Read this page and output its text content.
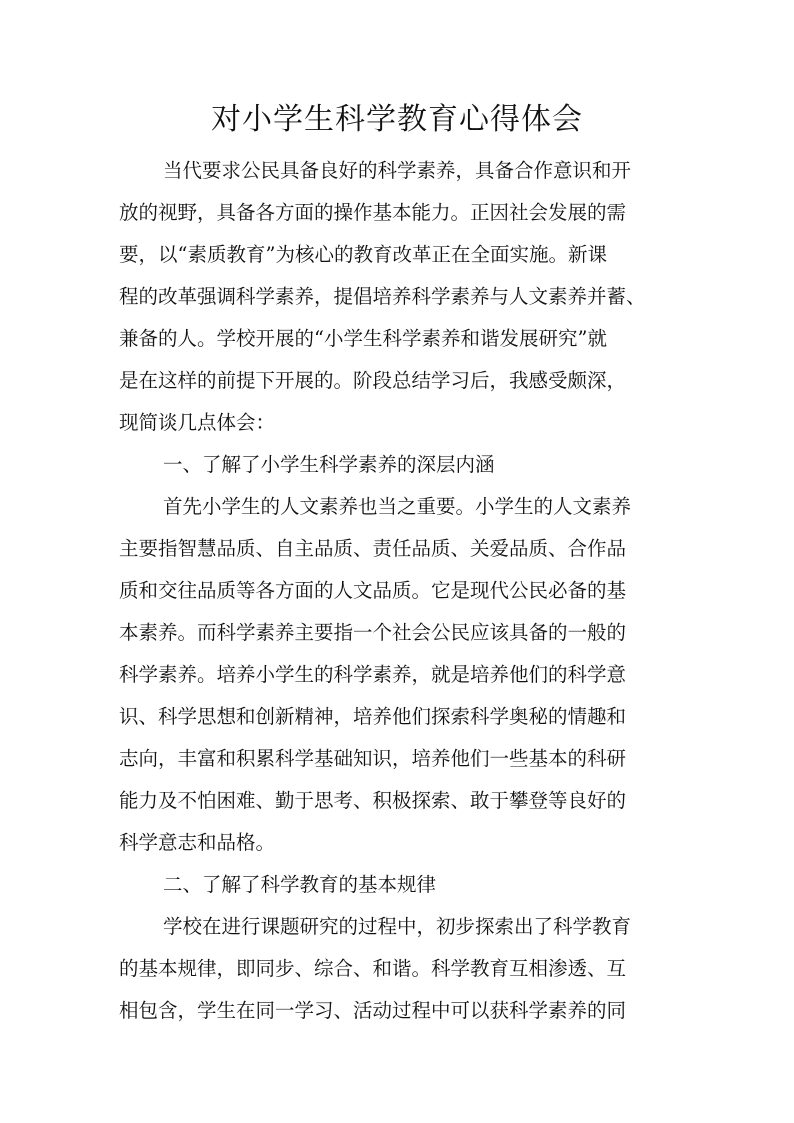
对小学生科学教育心得体会

当代要求公民具备良好的科学素养，具备合作意识和开

放的视野，具备各方面的操作基本能力。正因社会发展的需

要，以“素质教育”为核心的教育改革正在全面实施。新课

程的改革强调科学素养，提倡培养科学素养与人文素养并蓄、

兼备的人。学校开展的“小学生科学素养和谐发展研究”就

是在这样的前提下开展的。阶段总结学习后，我感受颇深，

现简谈几点体会：

一、了解了小学生科学素养的深层内涵

首先小学生的人文素养也当之重要。小学生的人文素养

主要指智慧品质、自主品质、责任品质、关爱品质、合作品

质和交往品质等各方面的人文品质。它是现代公民必备的基

本素养。而科学素养主要指一个社会公民应该具备的一般的

科学素养。培养小学生的科学素养，就是培养他们的科学意

识、科学思想和创新精神，培养他们探索科学奥秘的情趣和

志向，丰富和积累科学基础知识，培养他们一些基本的科研

能力及不怕困难、勤于思考、积极探索、敢于攀登等良好的

科学意志和品格。

二、了解了科学教育的基本规律

学校在进行课题研究的过程中，初步探索出了科学教育

的基本规律，即同步、综合、和谐。科学教育互相渗透、互

相包含，学生在同一学习、活动过程中可以获科学素养的同
